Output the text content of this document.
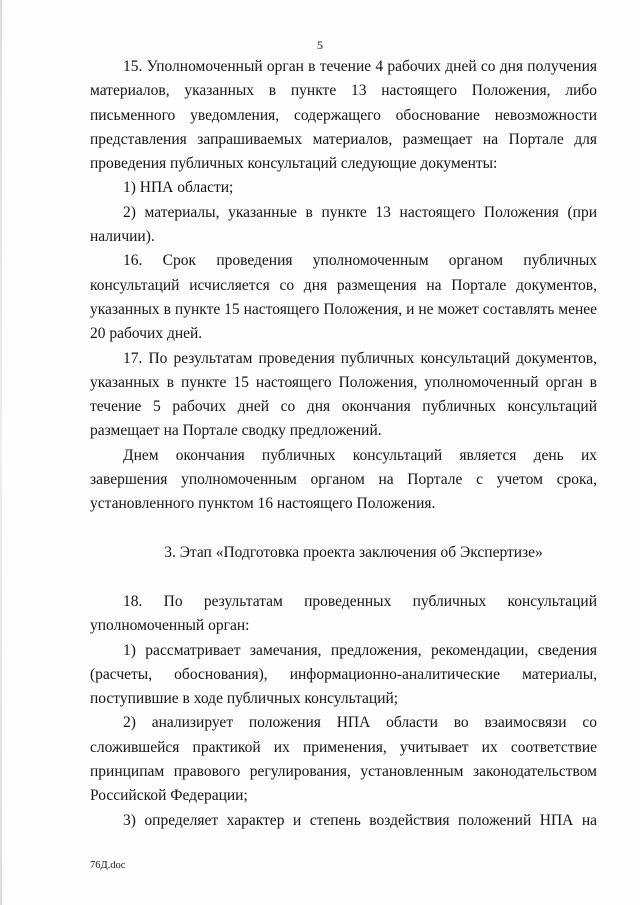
5

15. Уполномоченный орган в течение 4 рабочих дней со дня получения материалов, указанных в пункте 13 настоящего Положения, либо письменного уведомления, содержащего обоснование невозможности представления запрашиваемых материалов, размещает на Портале для проведения публичных консультаций следующие документы:

1) НПА области;

2) материалы, указанные в пункте 13 настоящего Положения (при наличии).

16. Срок проведения уполномоченным органом публичных консультаций исчисляется со дня размещения на Портале документов, указанных в пункте 15 настоящего Положения, и не может составлять менее 20 рабочих дней.

17. По результатам проведения публичных консультаций документов, указанных в пункте 15 настоящего Положения, уполномоченный орган в течение 5 рабочих дней со дня окончания публичных консультаций размещает на Портале сводку предложений.

Днем окончания публичных консультаций является день их завершения уполномоченным органом на Портале с учетом срока, установленного пунктом 16 настоящего Положения.

3. Этап «Подготовка проекта заключения об Экспертизе»

18. По результатам проведенных публичных консультаций уполномоченный орган:

1) рассматривает замечания, предложения, рекомендации, сведения (расчеты, обоснования), информационно-аналитические материалы, поступившие в ходе публичных консультаций;

2) анализирует положения НПА области во взаимосвязи со сложившейся практикой их применения, учитывает их соответствие принципам правового регулирования, установленным законодательством Российской Федерации;

3) определяет характер и степень воздействия положений НПА на

76Д.doc
